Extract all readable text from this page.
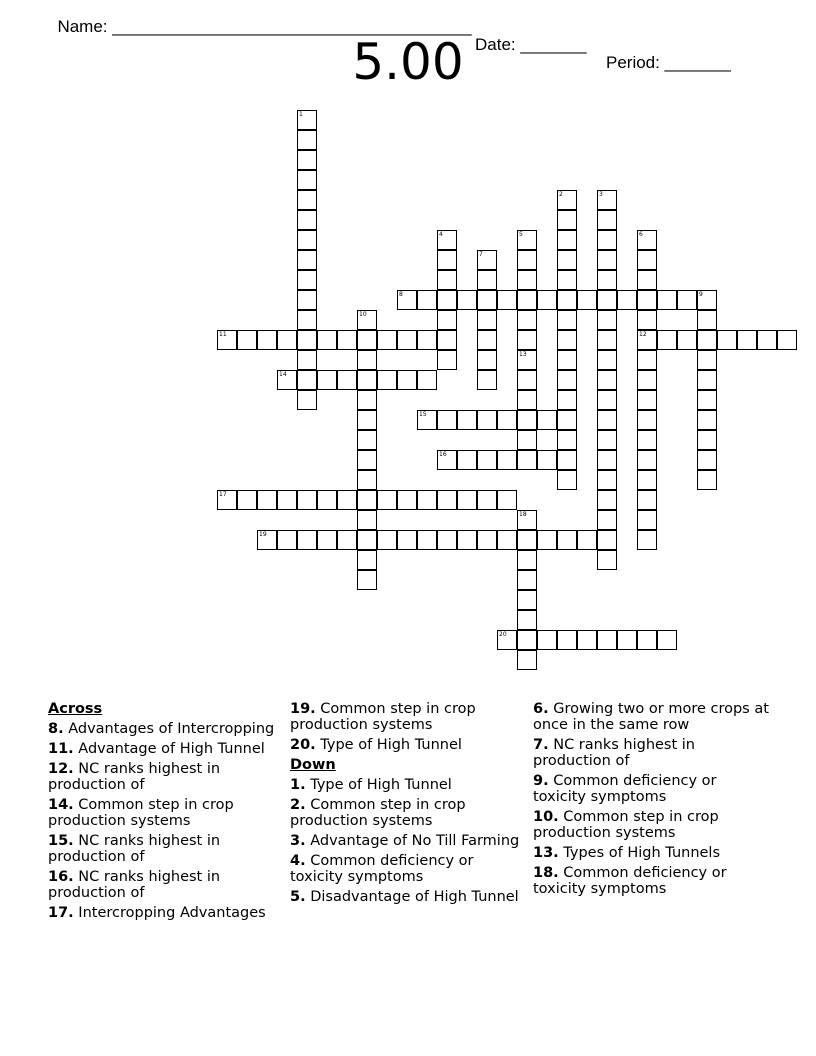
Name: ______________________________________

Date: _______

Period: _______

5.00
1
2	3
4	5
13
6
12
7
8	9
10
11
14
15
16
17
18
19
20
Across
8. Advantages of Intercropping
11. Advantage of High Tunnel
12. NC ranks highest in production of
14. Common step in crop production systems
15. NC ranks highest in production of
16. NC ranks highest in production of
17. Intercropping Advantages
19. Common step in crop production systems
20. Type of High Tunnel
Down
1. Type of High Tunnel
2. Common step in crop production systems
3. Advantage of No Till Farming
4. Common deficiency or toxicity symptoms
5. Disadvantage of High Tunnel
6. Growing two or more crops at once in the same row
7. NC ranks highest in production of
9. Common deficiency or toxicity symptoms
10. Common step in crop production systems
13. Types of High Tunnels
18. Common deficiency or toxicity symptoms
